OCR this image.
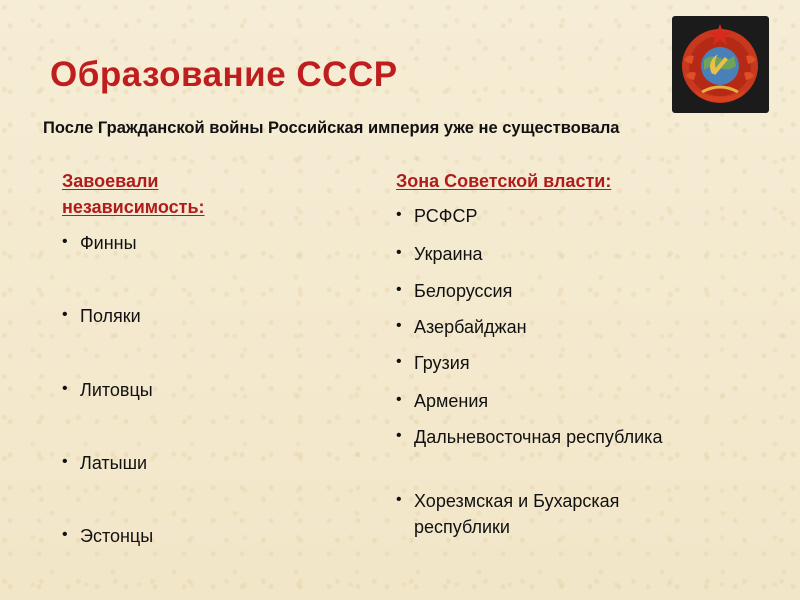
Образование СССР

После Гражданской войны Российская империя уже не существовала

Завоевали независимость:
Зона Советской власти:
• Финны
• Поляки
• Литовцы
• Латыши
• Эстонцы
• РСФСР
• Украина
• Белоруссия
• Азербайджан
• Грузия
• Армения
• Дальневосточная республика
• Хорезмская и Бухарская республики
